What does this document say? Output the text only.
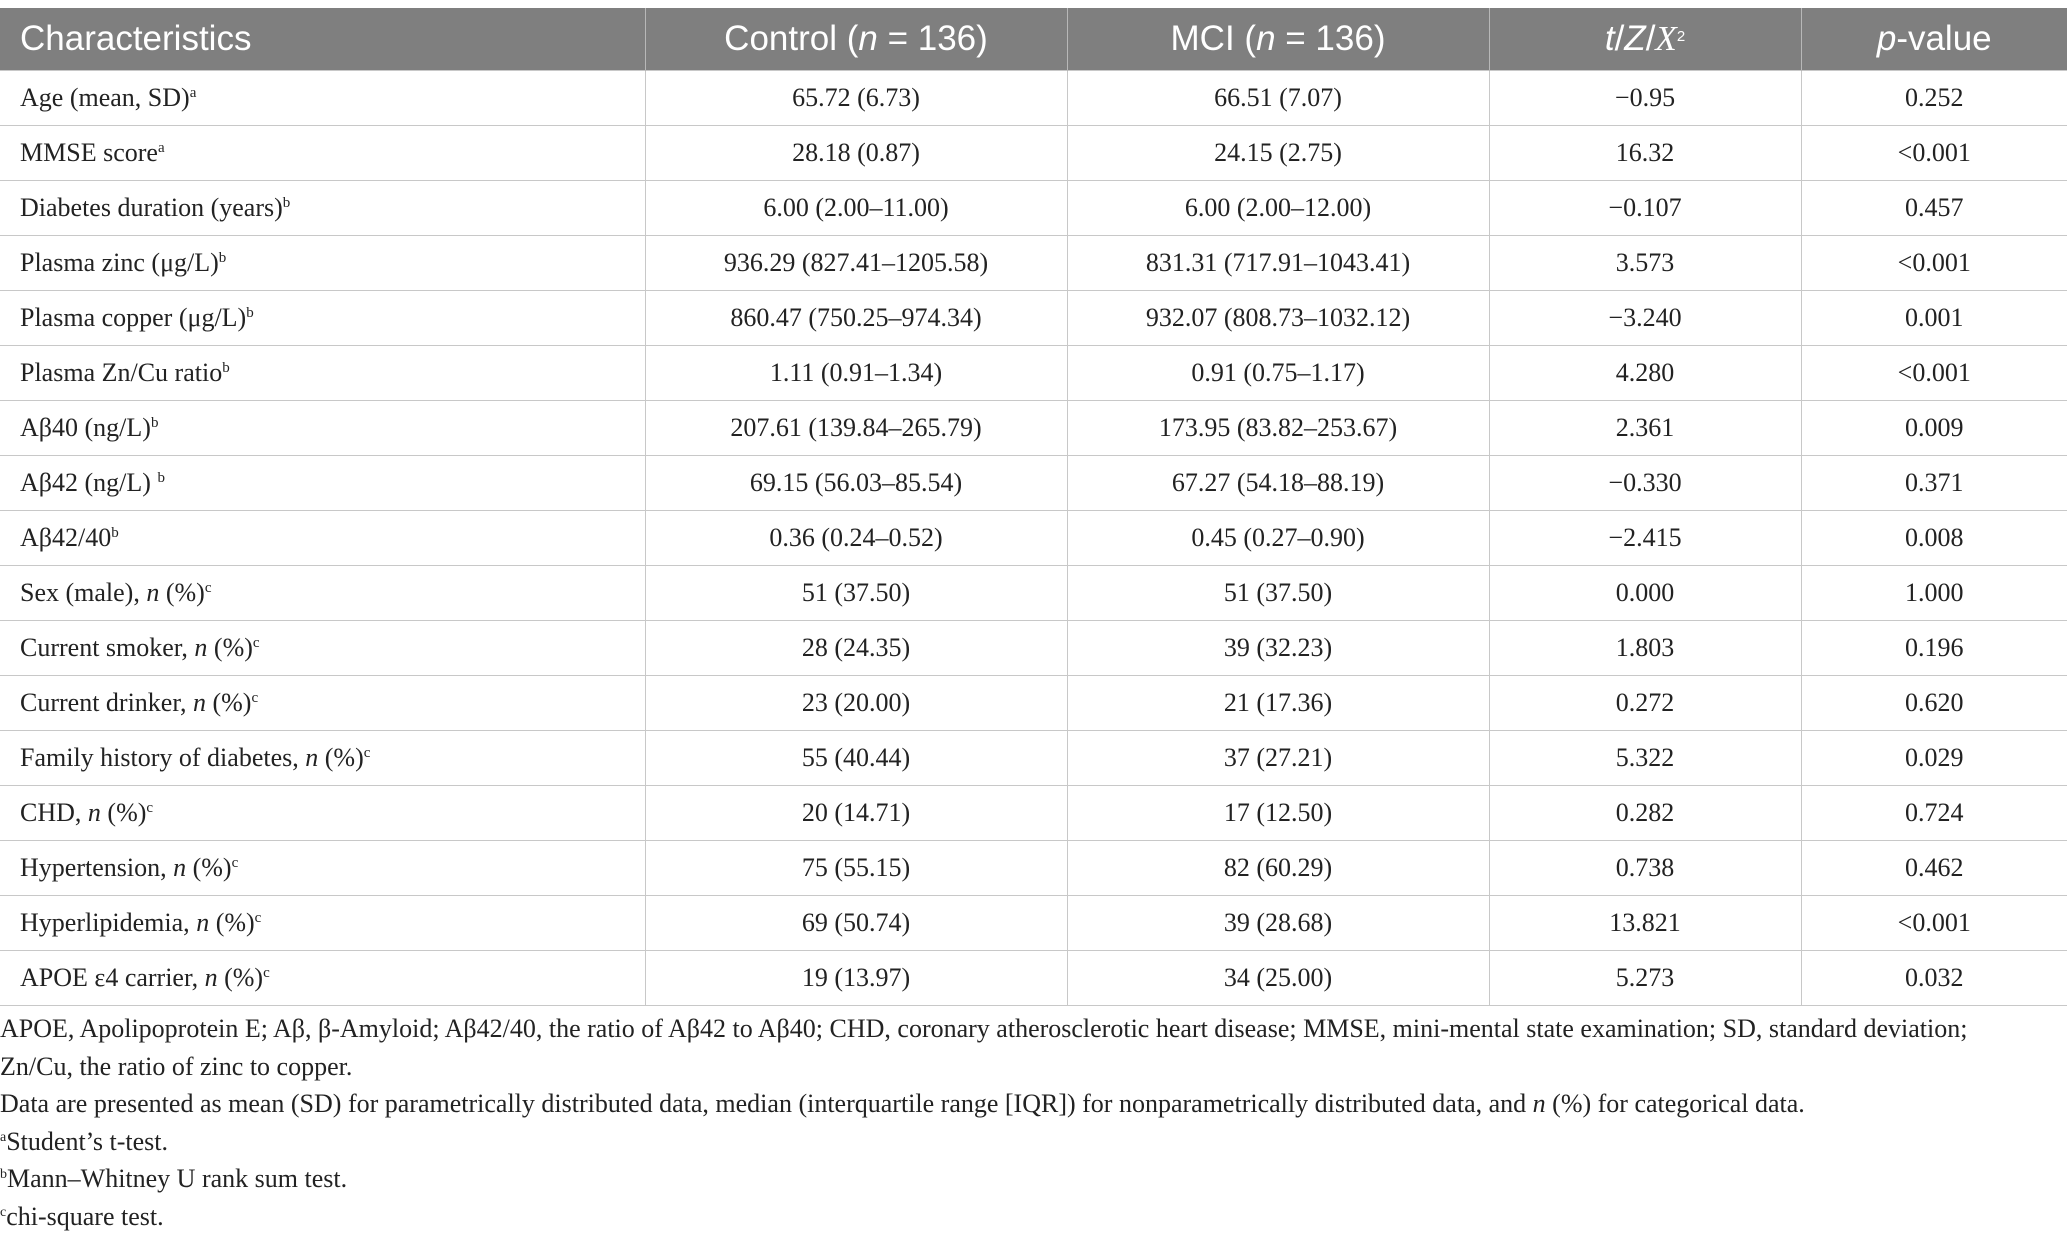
Characteristics	Control (n = 136)	MCI (n = 136)	$t/Z/X^2$	p-value
Age (mean, SD)$^a$	65.72 (6.73)	66.51 (7.07)	−0.95	0.252
MMSE score$^a$	28.18 (0.87)	24.15 (2.75)	16.32	<0.001
Diabetes duration (years)$^b$	6.00 (2.00–11.00)	6.00 (2.00–12.00)	−0.107	0.457
Plasma zinc $(\mu g/L)^b$	936.29 (827.41–1205.58)	831.31 (717.91–1043.41)	3.573	<0.001
Plasma copper $(\mu g/L)^b$	860.47 (750.25–974.34)	932.07 (808.73–1032.12)	−3.240	0.001
Plasma Zn/Cu ratio$^b$	1.11 (0.91–1.34)	0.91 (0.75–1.17)	4.280	<0.001
Aβ40 $(ng/L)^b$	207.61 (139.84–265.79)	173.95 (83.82–253.67)	2.361	0.009
Aβ42 (ng/L) $^b$	69.15 (56.03–85.54)	67.27 (54.18–88.19)	−0.330	0.371
Aβ42/40$^b$	0.36 (0.24–0.52)	0.45 (0.27–0.90)	−2.415	0.008
Sex (male), n (%)$^c$	51 (37.50)	51 (37.50)	0.000	1.000
Current smoker, n (%)$^c$	28 (24.35)	39 (32.23)	1.803	0.196
Current drinker, n (%)$^c$	23 (20.00)	21 (17.36)	0.272	0.620
Family history of diabetes, n (%)$^c$	55 (40.44)	37 (27.21)	5.322	0.029
CHD, n (%)$^c$	20 (14.71)	17 (12.50)	0.282	0.724
Hypertension, n (%)$^c$	75 (55.15)	82 (60.29)	0.738	0.462
Hyperlipidemia, n (%)$^c$	69 (50.74)	39 (28.68)	13.821	<0.001
APOE ε4 carrier, n (%)$^c$	19 (13.97)	34 (25.00)	5.273	0.032

APOE, Apolipoprotein E; Aβ, β-Amyloid; Aβ42/40, the ratio of Aβ42 to Aβ40; CHD, coronary atherosclerotic heart disease; MMSE, mini-mental state examination; SD, standard deviation;
Zn/Cu, the ratio of zinc to copper.

Data are presented as mean (SD) for parametrically distributed data, median (interquartile range [IQR]) for nonparametrically distributed data, and n (%) for categorical data.

$^a$Student’s t-test.

$^b$Mann–Whitney U rank sum test.

$^c$chi-square test.
